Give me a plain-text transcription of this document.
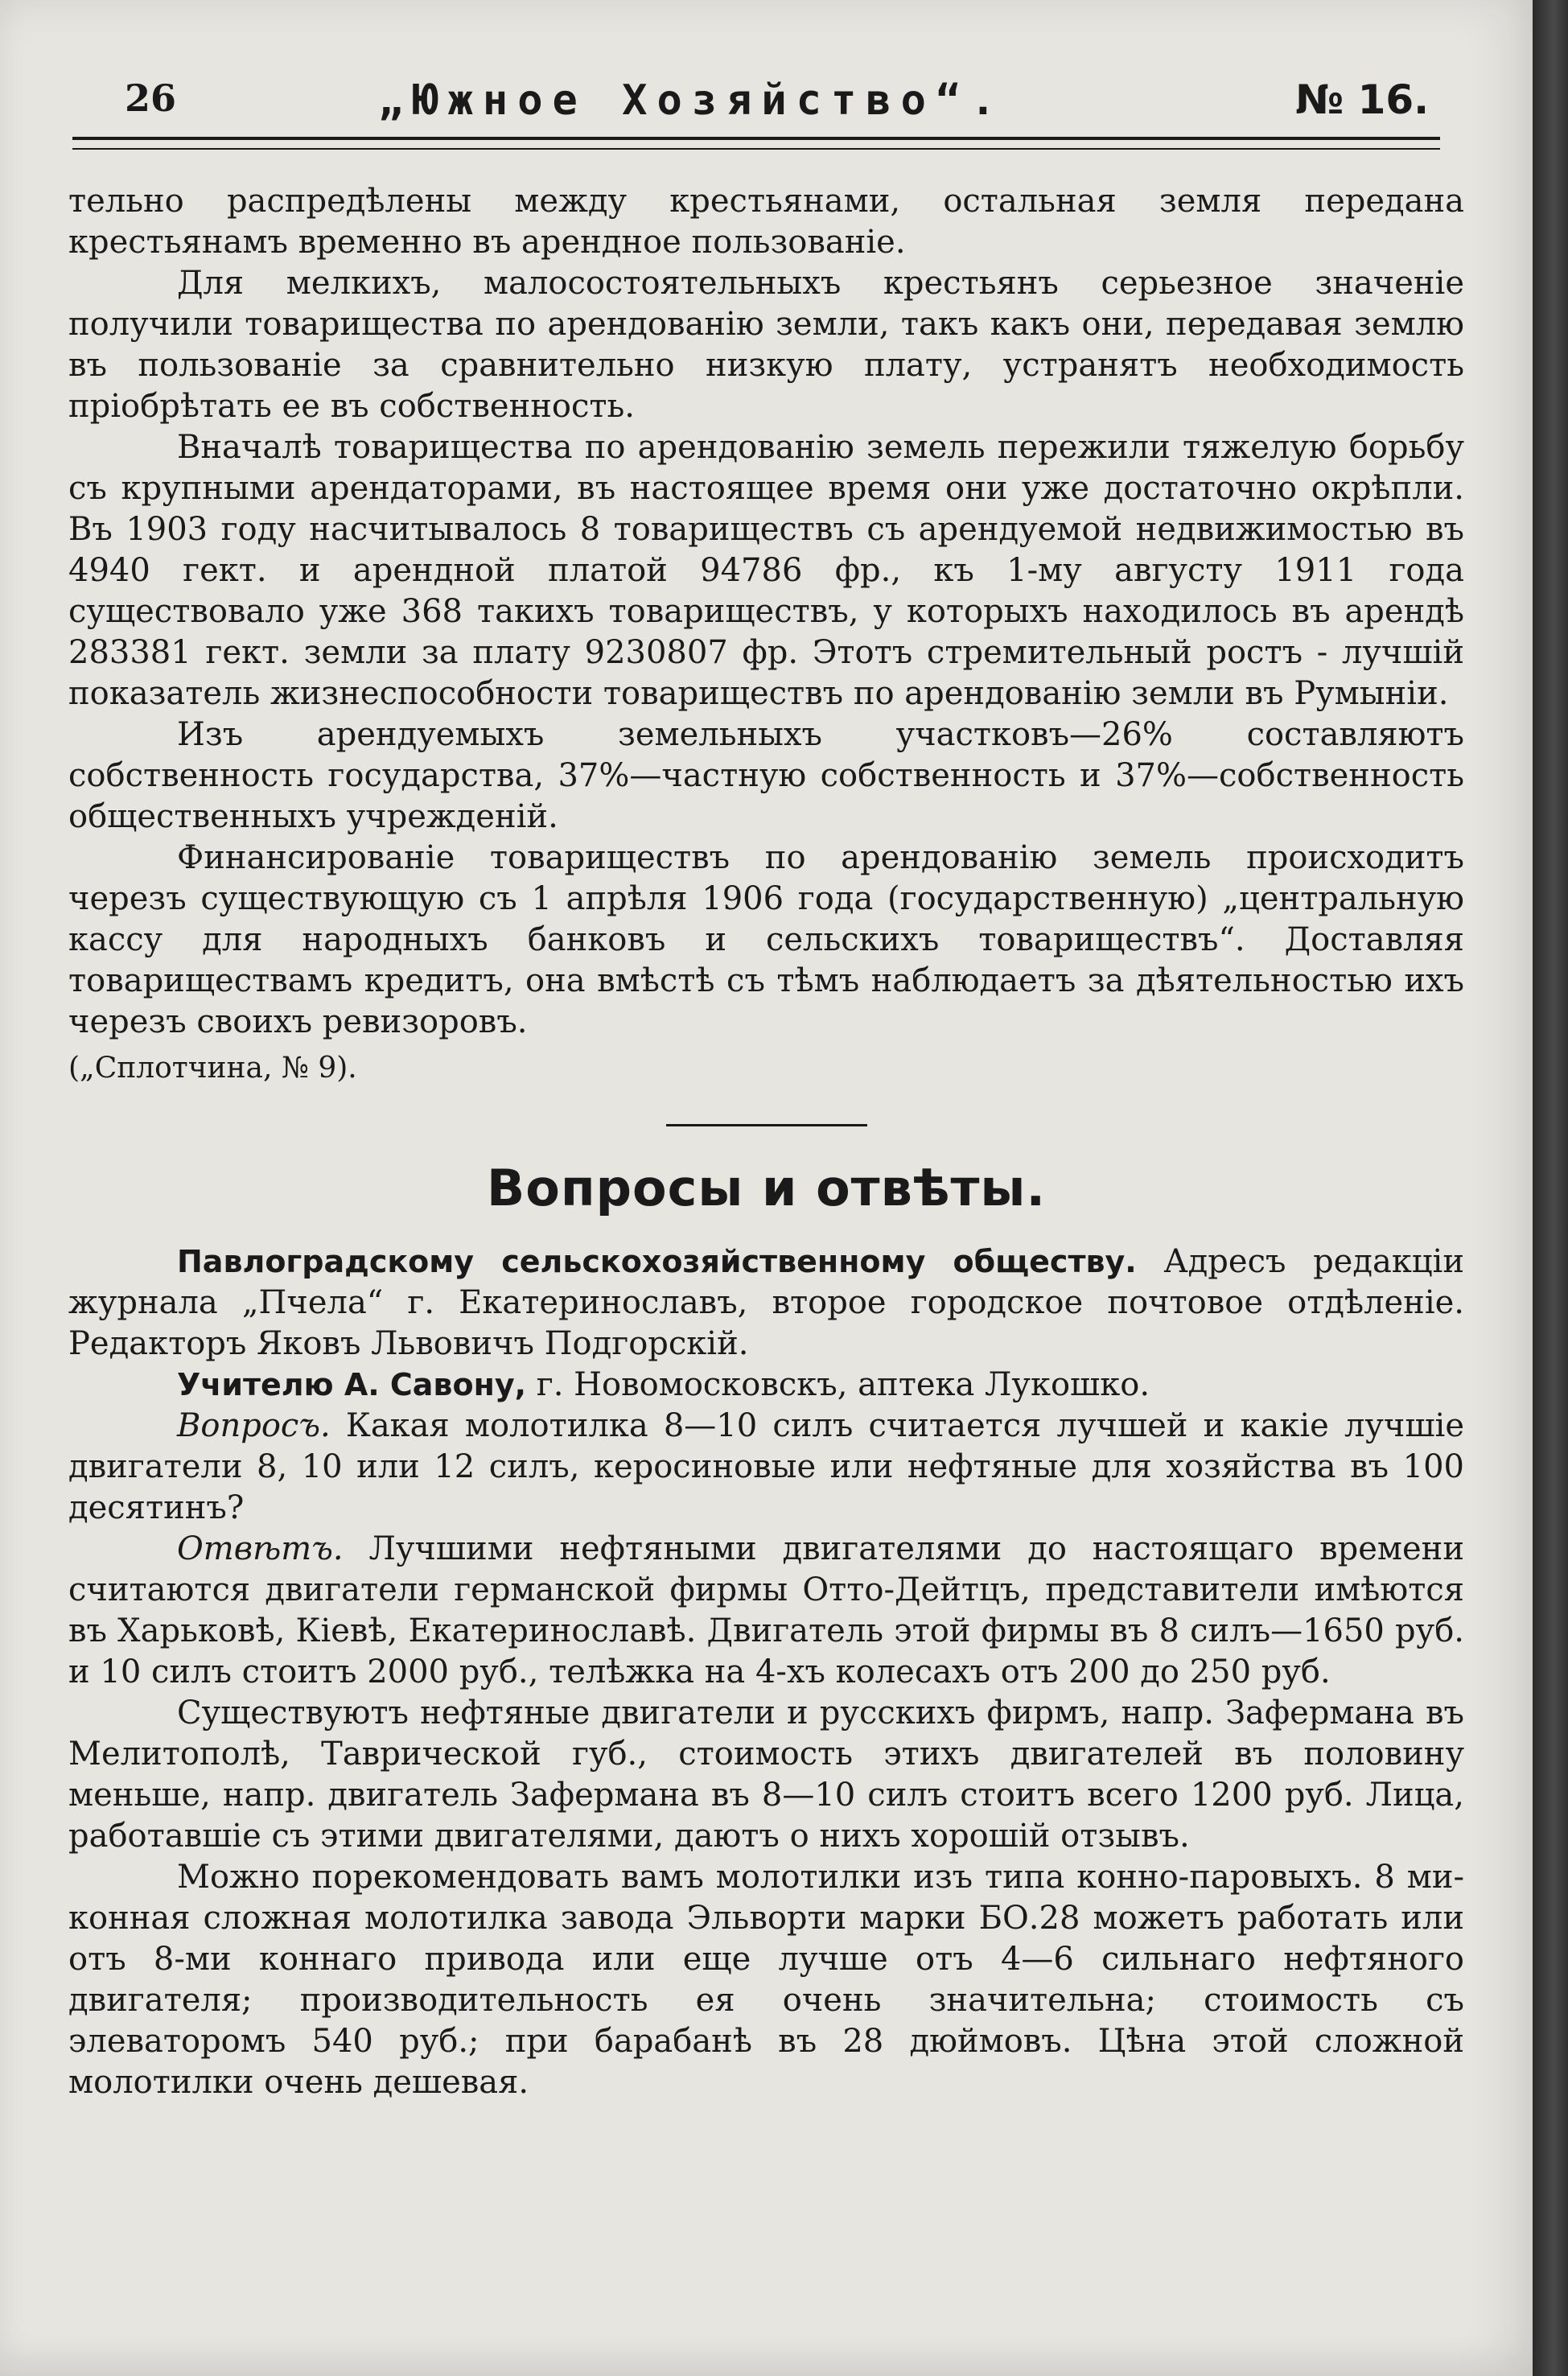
26	„Южное Хозяйство“.	№ 16.

тельно распредѣлены между крестьянами, остальная земля передана крестьянамъ временно въ арендное пользованіе.

Для мелкихъ, малосостоятельныхъ крестьянъ серьезное значеніе получили товарищества по арендованію земли, такъ какъ они, передавая землю въ пользованіе за сравнительно низкую плату, устранятъ необходимость пріобрѣтать ее въ собственность.

Вначалѣ товарищества по арендованію земель пережили тяжелую борьбу съ крупными арендаторами, въ настоящее время они уже достаточно окрѣпли. Въ 1903 году насчитывалось 8 товариществъ съ арендуемой недвижимостью въ 4940 гект. и арендной платой 94786 фр., къ 1-му августу 1911 года существовало уже 368 такихъ товариществъ, у которыхъ находилось въ арендѣ 283381 гект. земли за плату 9230807 фр. Этотъ стремительный ростъ - лучшій показатель жизнеспособности товариществъ по арендованію земли въ Румыніи.

Изъ арендуемыхъ земельныхъ участковъ—26% составляютъ собственность государства, 37%—частную собственность и 37%—собственность общественныхъ учрежденій.

Финансированіе товариществъ по арендованію земель происходитъ черезъ существующую съ 1 апрѣля 1906 года (государственную) „центральную кассу для народныхъ банковъ и сельскихъ товариществъ“. Доставляя товариществамъ кредитъ, она вмѣстѣ съ тѣмъ наблюдаетъ за дѣятельностью ихъ черезъ своихъ ревизоровъ.

(„Сплотчина, № 9).

Вопросы и отвѣты.

Павлоградскому сельскохозяйственному обществу. Адресъ редакціи журнала „Пчела“ г. Екатеринославъ, второе городское почтовое отдѣленіе. Редакторъ Яковъ Львовичъ Подгорскій.

Учителю А. Савону, г. Новомосковскъ, аптека Лукошко.

Вопросъ. Какая молотилка 8—10 силъ считается лучшей и какіе лучшіе двигатели 8, 10 или 12 силъ, керосиновые или нефтяные для хозяйства въ 100 десятинъ?

Отвѣтъ. Лучшими нефтяными двигателями до настоящаго времени считаются двигатели германской фирмы Отто-Дейтцъ, представители имѣются въ Харьковѣ, Кіевѣ, Екатеринославѣ. Двигатель этой фирмы въ 8 силъ—1650 руб. и 10 силъ стоитъ 2000 руб., телѣжка на 4-хъ колесахъ отъ 200 до 250 руб.

Существуютъ нефтяные двигатели и русскихъ фирмъ, напр. Зафермана въ Мелитополѣ, Таврической губ., стоимость этихъ двигателей въ половину меньше, напр. двигатель Зафермана въ 8—10 силъ стоитъ всего 1200 руб. Лица, работавшіе съ этими двигателями, даютъ о нихъ хорошій отзывъ.

Можно порекомендовать вамъ молотилки изъ типа конно-паровыхъ. 8 ми-конная сложная молотилка завода Эльворти марки БО.28 можетъ работать или отъ 8-ми коннаго привода или еще лучше отъ 4—6 сильнаго нефтяного двигателя; производительность ея очень значительна; стоимость съ элеваторомъ 540 руб.; при барабанѣ въ 28 дюймовъ. Цѣна этой сложной молотилки очень дешевая.
